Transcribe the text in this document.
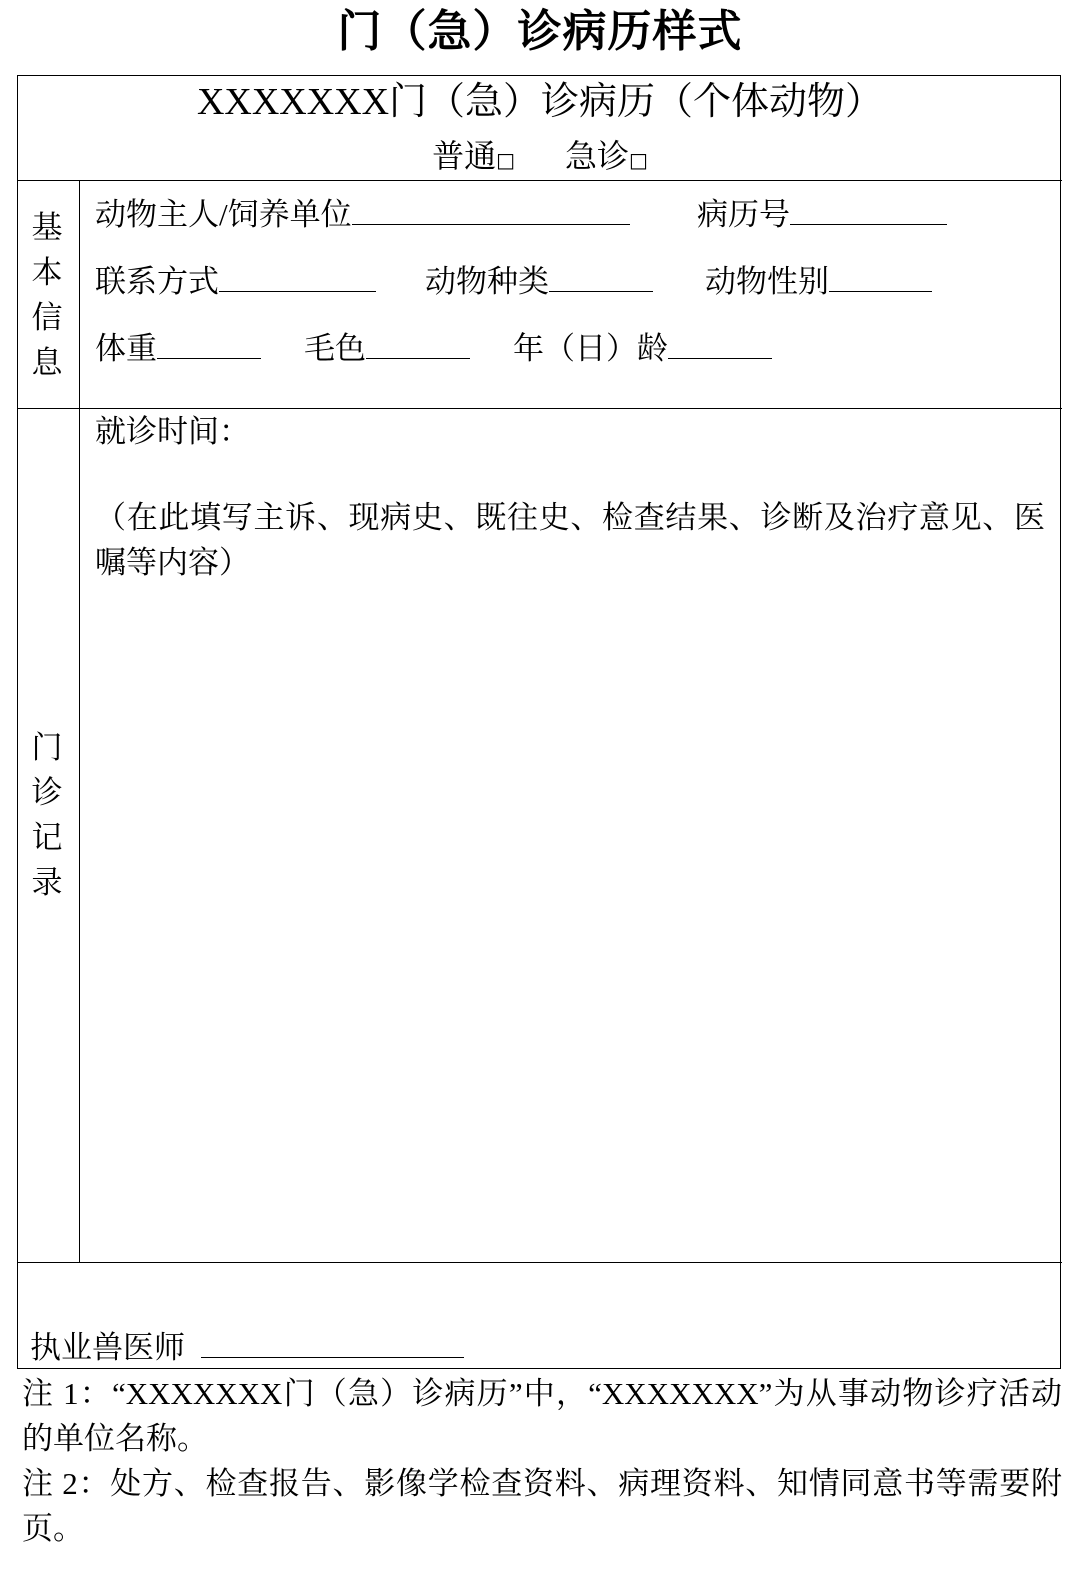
门（急）诊病历样式
XXXXXXX门（急）诊病历（个体动物）
普通□ 急诊□
基本信息
动物主人/饲养单位	病历号
联系方式	动物种类	动物性别
体重	毛色	年（日）龄
门诊记录
就诊时间：
（在此填写主诉、现病史、既往史、检查结果、诊断及治疗意见、医嘱等内容）
执业兽医师
注 1：“XXXXXXX门（急）诊病历”中，“XXXXXXX”为从事动物诊疗活动的单位名称。
注 2：处方、检查报告、影像学检查资料、病理资料、知情同意书等需要附页。
